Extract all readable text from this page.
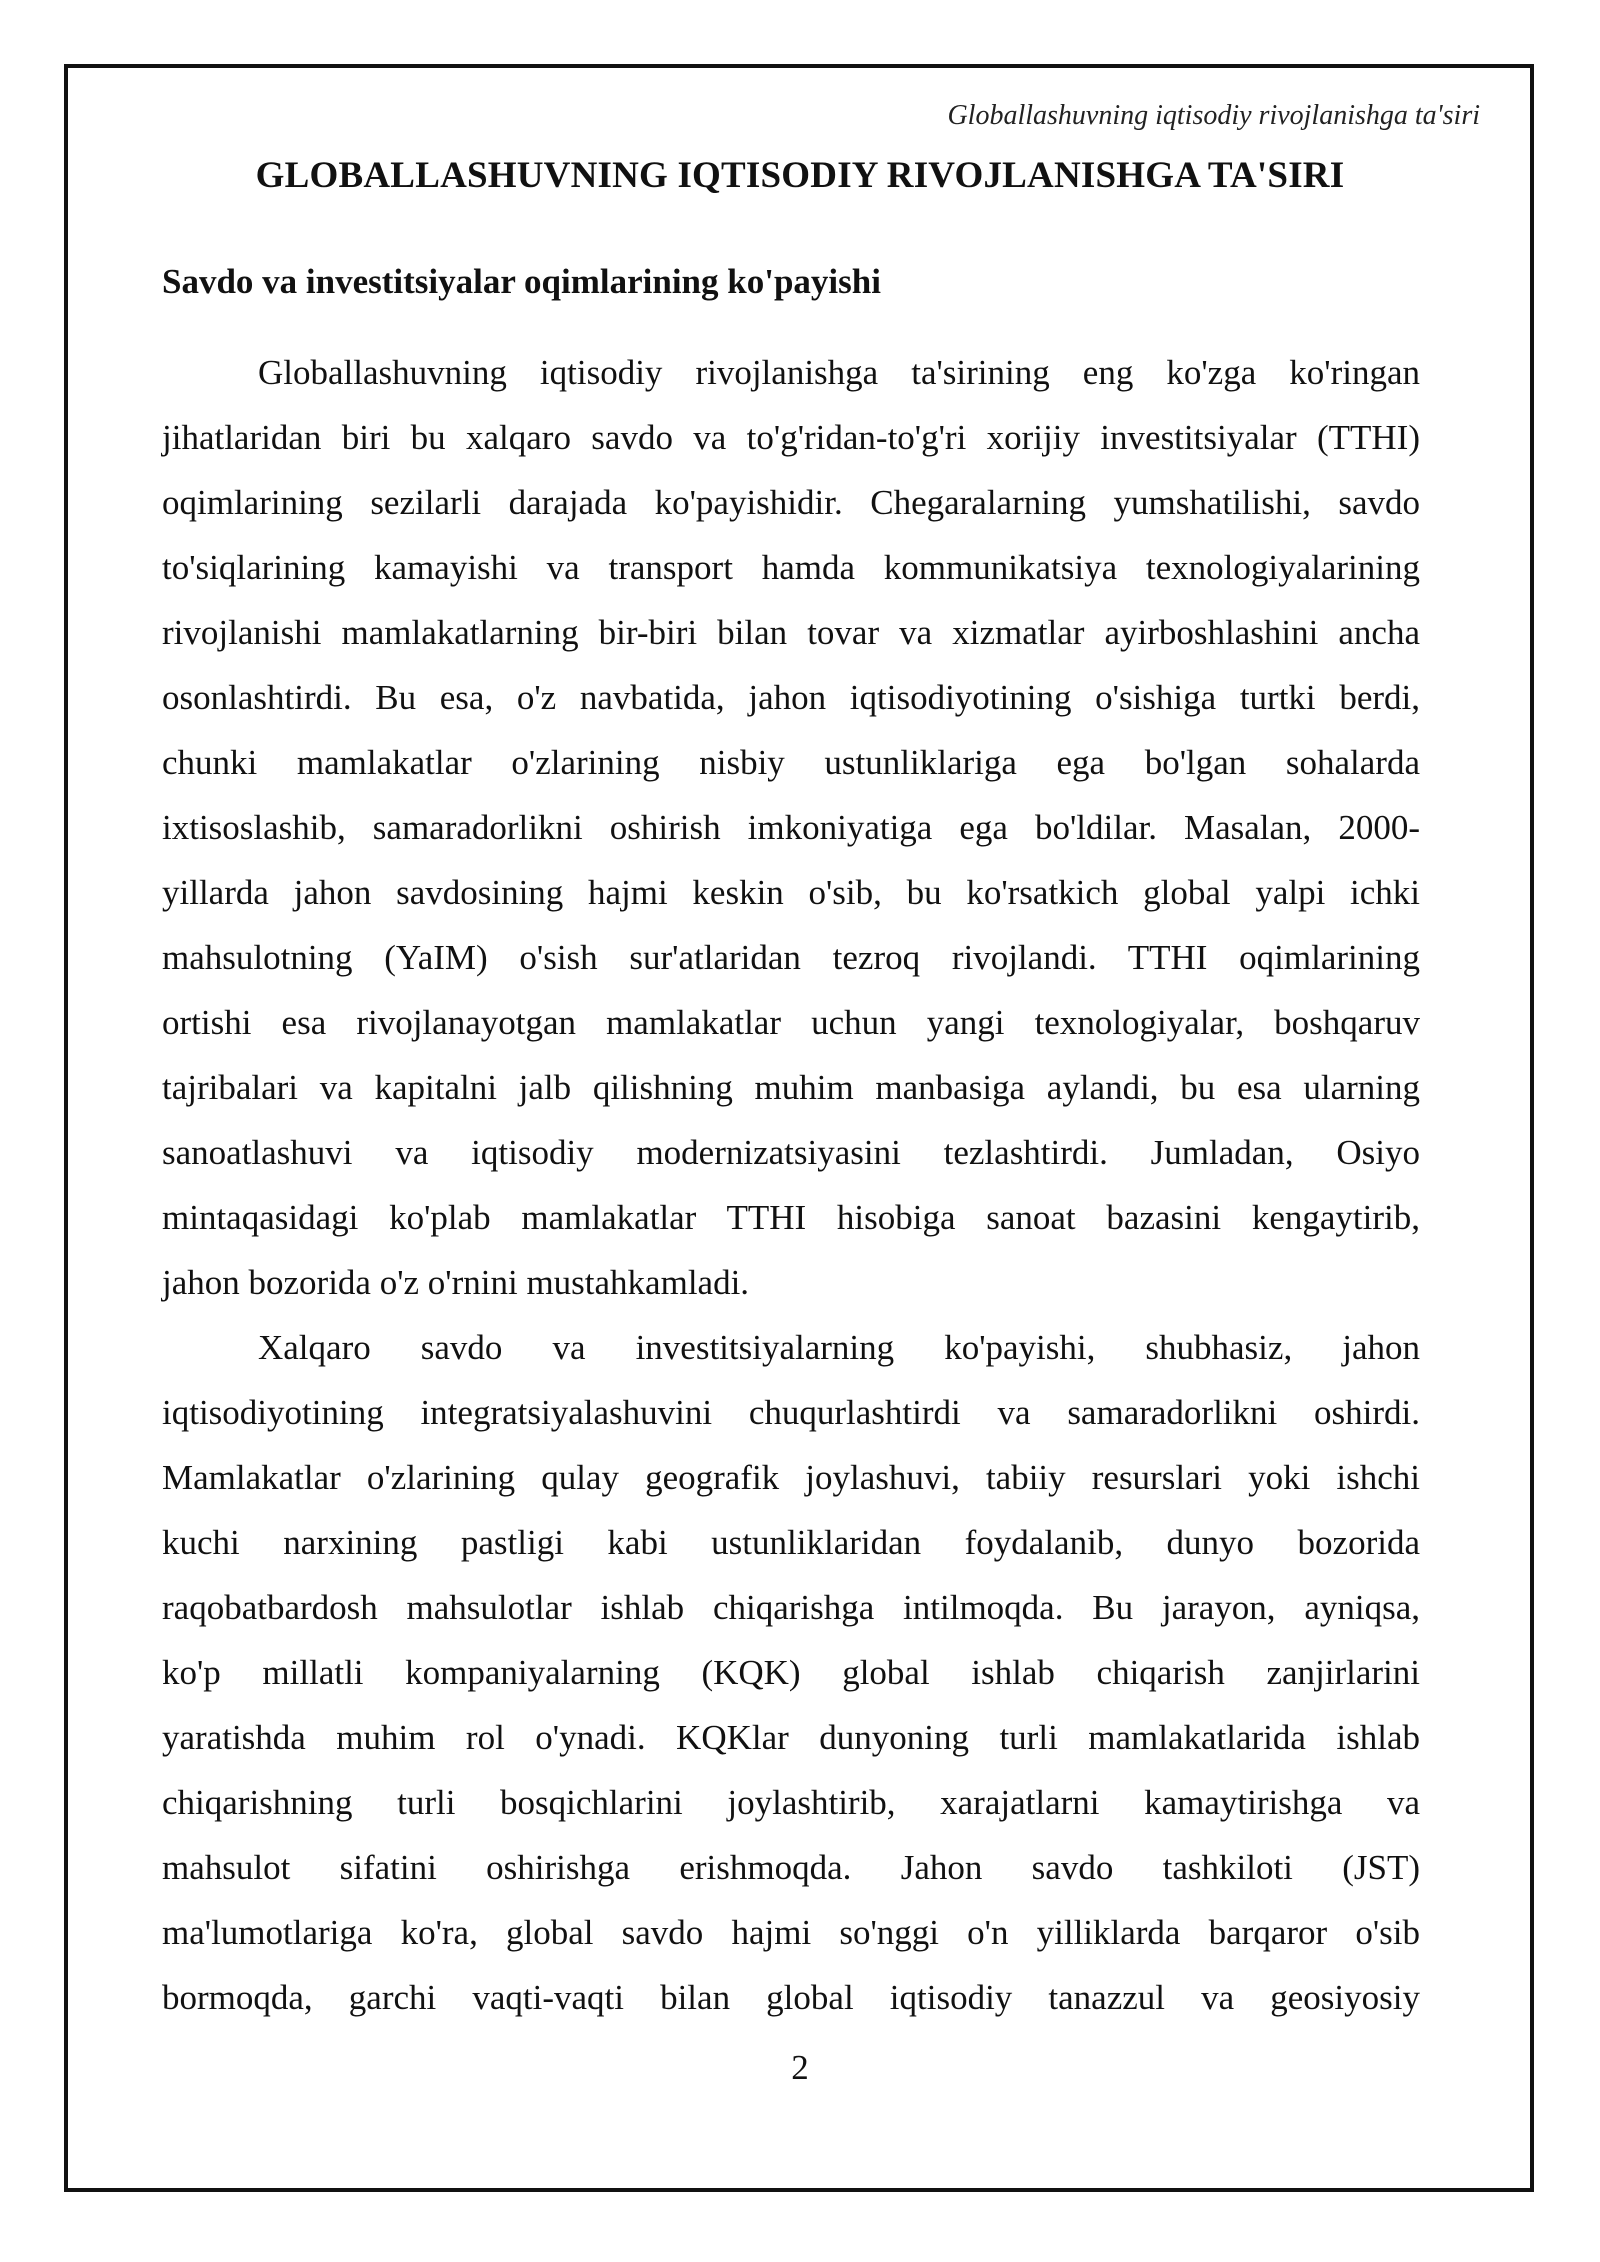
Globallashuvning iqtisodiy rivojlanishga ta'siri
GLOBALLASHUVNING IQTISODIY RIVOJLANISHGA TA'SIRI
Savdo va investitsiyalar oqimlarining ko'payishi
Globallashuvning iqtisodiy rivojlanishga ta'sirining eng ko'zga ko'ringan
jihatlaridan biri bu xalqaro savdo va to'g'ridan-to'g'ri xorijiy investitsiyalar (TTHI)
oqimlarining sezilarli darajada ko'payishidir. Chegaralarning yumshatilishi, savdo
to'siqlarining kamayishi va transport hamda kommunikatsiya texnologiyalarining
rivojlanishi mamlakatlarning bir-biri bilan tovar va xizmatlar ayirboshlashini ancha
osonlashtirdi. Bu esa, o'z navbatida, jahon iqtisodiyotining o'sishiga turtki berdi,
chunki mamlakatlar o'zlarining nisbiy ustunliklariga ega bo'lgan sohalarda
ixtisoslashib, samaradorlikni oshirish imkoniyatiga ega bo'ldilar. Masalan, 2000-
yillarda jahon savdosining hajmi keskin o'sib, bu ko'rsatkich global yalpi ichki
mahsulotning (YaIM) o'sish sur'atlaridan tezroq rivojlandi. TTHI oqimlarining
ortishi esa rivojlanayotgan mamlakatlar uchun yangi texnologiyalar, boshqaruv
tajribalari va kapitalni jalb qilishning muhim manbasiga aylandi, bu esa ularning
sanoatlashuvi va iqtisodiy modernizatsiyasini tezlashtirdi. Jumladan, Osiyo
mintaqasidagi ko'plab mamlakatlar TTHI hisobiga sanoat bazasini kengaytirib,
jahon bozorida o'z o'rnini mustahkamladi.
Xalqaro savdo va investitsiyalarning ko'payishi, shubhasiz, jahon
iqtisodiyotining integratsiyalashuvini chuqurlashtirdi va samaradorlikni oshirdi.
Mamlakatlar o'zlarining qulay geografik joylashuvi, tabiiy resurslari yoki ishchi
kuchi narxining pastligi kabi ustunliklaridan foydalanib, dunyo bozorida
raqobatbardosh mahsulotlar ishlab chiqarishga intilmoqda. Bu jarayon, ayniqsa,
ko'p millatli kompaniyalarning (KQK) global ishlab chiqarish zanjirlarini
yaratishda muhim rol o'ynadi. KQKlar dunyoning turli mamlakatlarida ishlab
chiqarishning turli bosqichlarini joylashtirib, xarajatlarni kamaytirishga va
mahsulot sifatini oshirishga erishmoqda. Jahon savdo tashkiloti (JST)
ma'lumotlariga ko'ra, global savdo hajmi so'nggi o'n yilliklarda barqaror o'sib
bormoqda, garchi vaqti-vaqti bilan global iqtisodiy tanazzul va geosiyosiy
2
